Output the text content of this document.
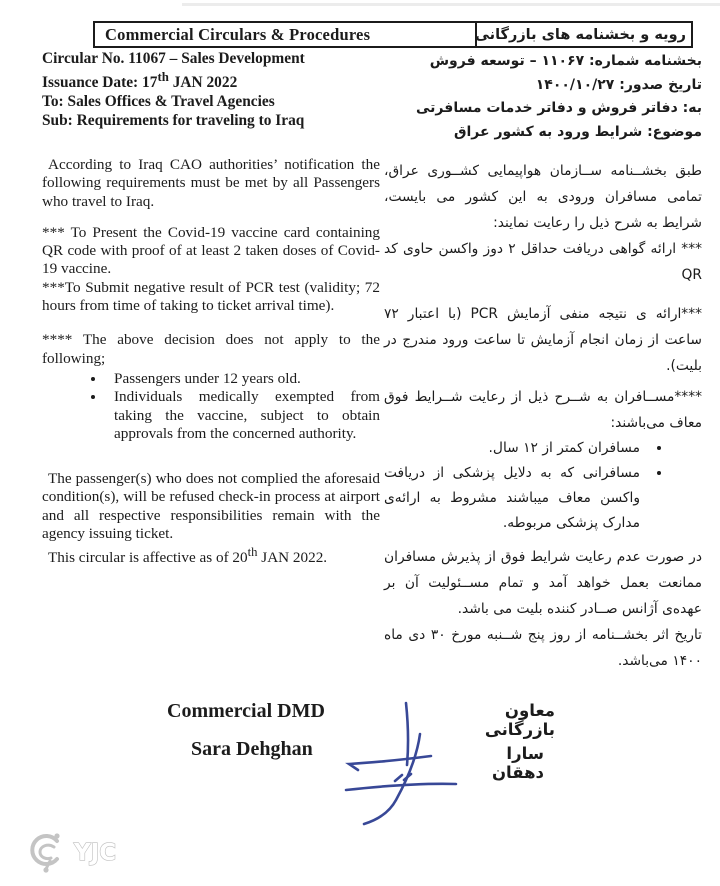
Commercial Circulars & Procedures	رویه و بخشنامه های بازرگانی
Circular No. 11067 – Sales Development
Issuance Date: 17th JAN 2022
To: Sales Offices & Travel Agencies
Sub: Requirements for traveling to Iraq
بخشنامه شماره: ۱۱۰۶۷ – توسعه فروش
تاریخ صدور: ۱۴۰۰/۱۰/۲۷
به: دفاتر فروش و دفاتر خدمات مسافرتی
موضوع: شرایط ورود به کشور عراق

According to Iraq CAO authorities’ notification the following requirements must be met by all Passengers who travel to Iraq.

*** To Present the Covid-19 vaccine card containing QR code with proof of at least 2 taken doses of Covid-19 vaccine.

***To Submit negative result of PCR test (validity; 72 hours from time of taking to ticket arrival time).

**** The above decision does not apply to the following;

• Passengers under 12 years old.
• Individuals medically exempted from taking the vaccine, subject to obtain approvals from the concerned authority.

The passenger(s) who does not complied the aforesaid condition(s), will be refused check-in process at airport and all respective responsibilities remain with the agency issuing ticket.

This circular is affective as of 20th JAN 2022.

طبق بخشــنامه ســازمان هواپیمایی کشــوری عراق، تمامی مسافران ورودی به این کشور می بایست، شرایط به شرح ذیل را رعایت نمایند:

*** ارائه گواهی دریافت حداقل ۲ دوز واکسن حاوی کد QR

***ارائه ی نتیجه منفی آزمایش PCR (با اعتبار ۷۲ ساعت از زمان انجام آزمایش تا ساعت ورود مندرج در بلیت).

****مســافران به شــرح ذیل از رعایت شــرایط فوق معاف می‌باشند:

• مسافران کمتر از ۱۲ سال.
• مسافرانی که به دلایل پزشکی از دریافت واکسن معاف میباشند مشروط به ارائه‌ی مدارک پزشکی مربوطه.

در صورت عدم رعایت شرایط فوق از پذیرش مسافران ممانعت بعمل خواهد آمد و تمام مســئولیت آن بر عهده‌ی آژانس صــادر کننده بلیت می باشد.

تاریخ اثر بخشــنامه از روز پنج شــنبه مورخ ۳۰ دی ماه ۱۴۰۰ می‌باشد.

Commercial DMD
Sara Dehghan
معاون بازرگانی
سارا دهقان
YJC
